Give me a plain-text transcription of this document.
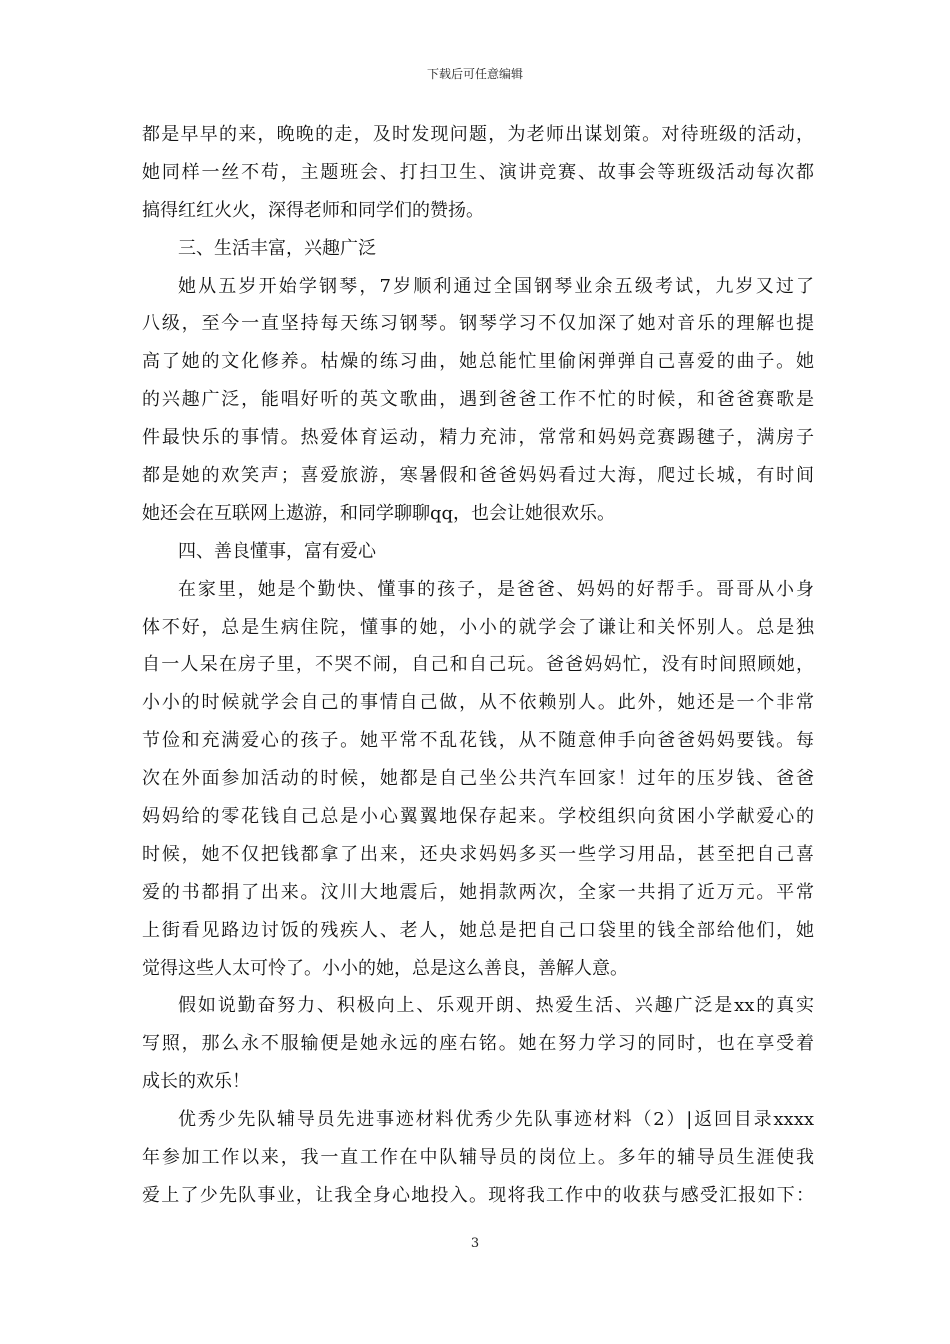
下载后可任意编辑
都是早早的来，晚晚的走，及时发现问题，为老师出谋划策。对待班级的活动，
她同样一丝不苟，主题班会、打扫卫生、演讲竞赛、故事会等班级活动每次都
搞得红红火火，深得老师和同学们的赞扬。
三、生活丰富，兴趣广泛
她从五岁开始学钢琴，7岁顺利通过全国钢琴业余五级考试，九岁又过了
八级，至今一直坚持每天练习钢琴。钢琴学习不仅加深了她对音乐的理解也提
高了她的文化修养。枯燥的练习曲，她总能忙里偷闲弹弹自己喜爱的曲子。她
的兴趣广泛，能唱好听的英文歌曲，遇到爸爸工作不忙的时候，和爸爸赛歌是
件最快乐的事情。热爱体育运动，精力充沛，常常和妈妈竞赛踢毽子，满房子
都是她的欢笑声；喜爱旅游，寒暑假和爸爸妈妈看过大海，爬过长城，有时间
她还会在互联网上遨游，和同学聊聊qq，也会让她很欢乐。
四、善良懂事，富有爱心
在家里，她是个勤快、懂事的孩子，是爸爸、妈妈的好帮手。哥哥从小身
体不好，总是生病住院，懂事的她，小小的就学会了谦让和关怀别人。总是独
自一人呆在房子里，不哭不闹，自己和自己玩。爸爸妈妈忙，没有时间照顾她，
小小的时候就学会自己的事情自己做，从不依赖别人。此外，她还是一个非常
节俭和充满爱心的孩子。她平常不乱花钱，从不随意伸手向爸爸妈妈要钱。每
次在外面参加活动的时候，她都是自己坐公共汽车回家！过年的压岁钱、爸爸
妈妈给的零花钱自己总是小心翼翼地保存起来。学校组织向贫困小学献爱心的
时候，她不仅把钱都拿了出来，还央求妈妈多买一些学习用品，甚至把自己喜
爱的书都捐了出来。汶川大地震后，她捐款两次，全家一共捐了近万元。平常
上街看见路边讨饭的残疾人、老人，她总是把自己口袋里的钱全部给他们，她
觉得这些人太可怜了。小小的她，总是这么善良，善解人意。
假如说勤奋努力、积极向上、乐观开朗、热爱生活、兴趣广泛是xx的真实
写照，那么永不服输便是她永远的座右铭。她在努力学习的同时，也在享受着
成长的欢乐！
优秀少先队辅导员先进事迹材料优秀少先队事迹材料（2）|返回目录xxxx
年参加工作以来，我一直工作在中队辅导员的岗位上。多年的辅导员生涯使我
爱上了少先队事业，让我全身心地投入。现将我工作中的收获与感受汇报如下：
3
